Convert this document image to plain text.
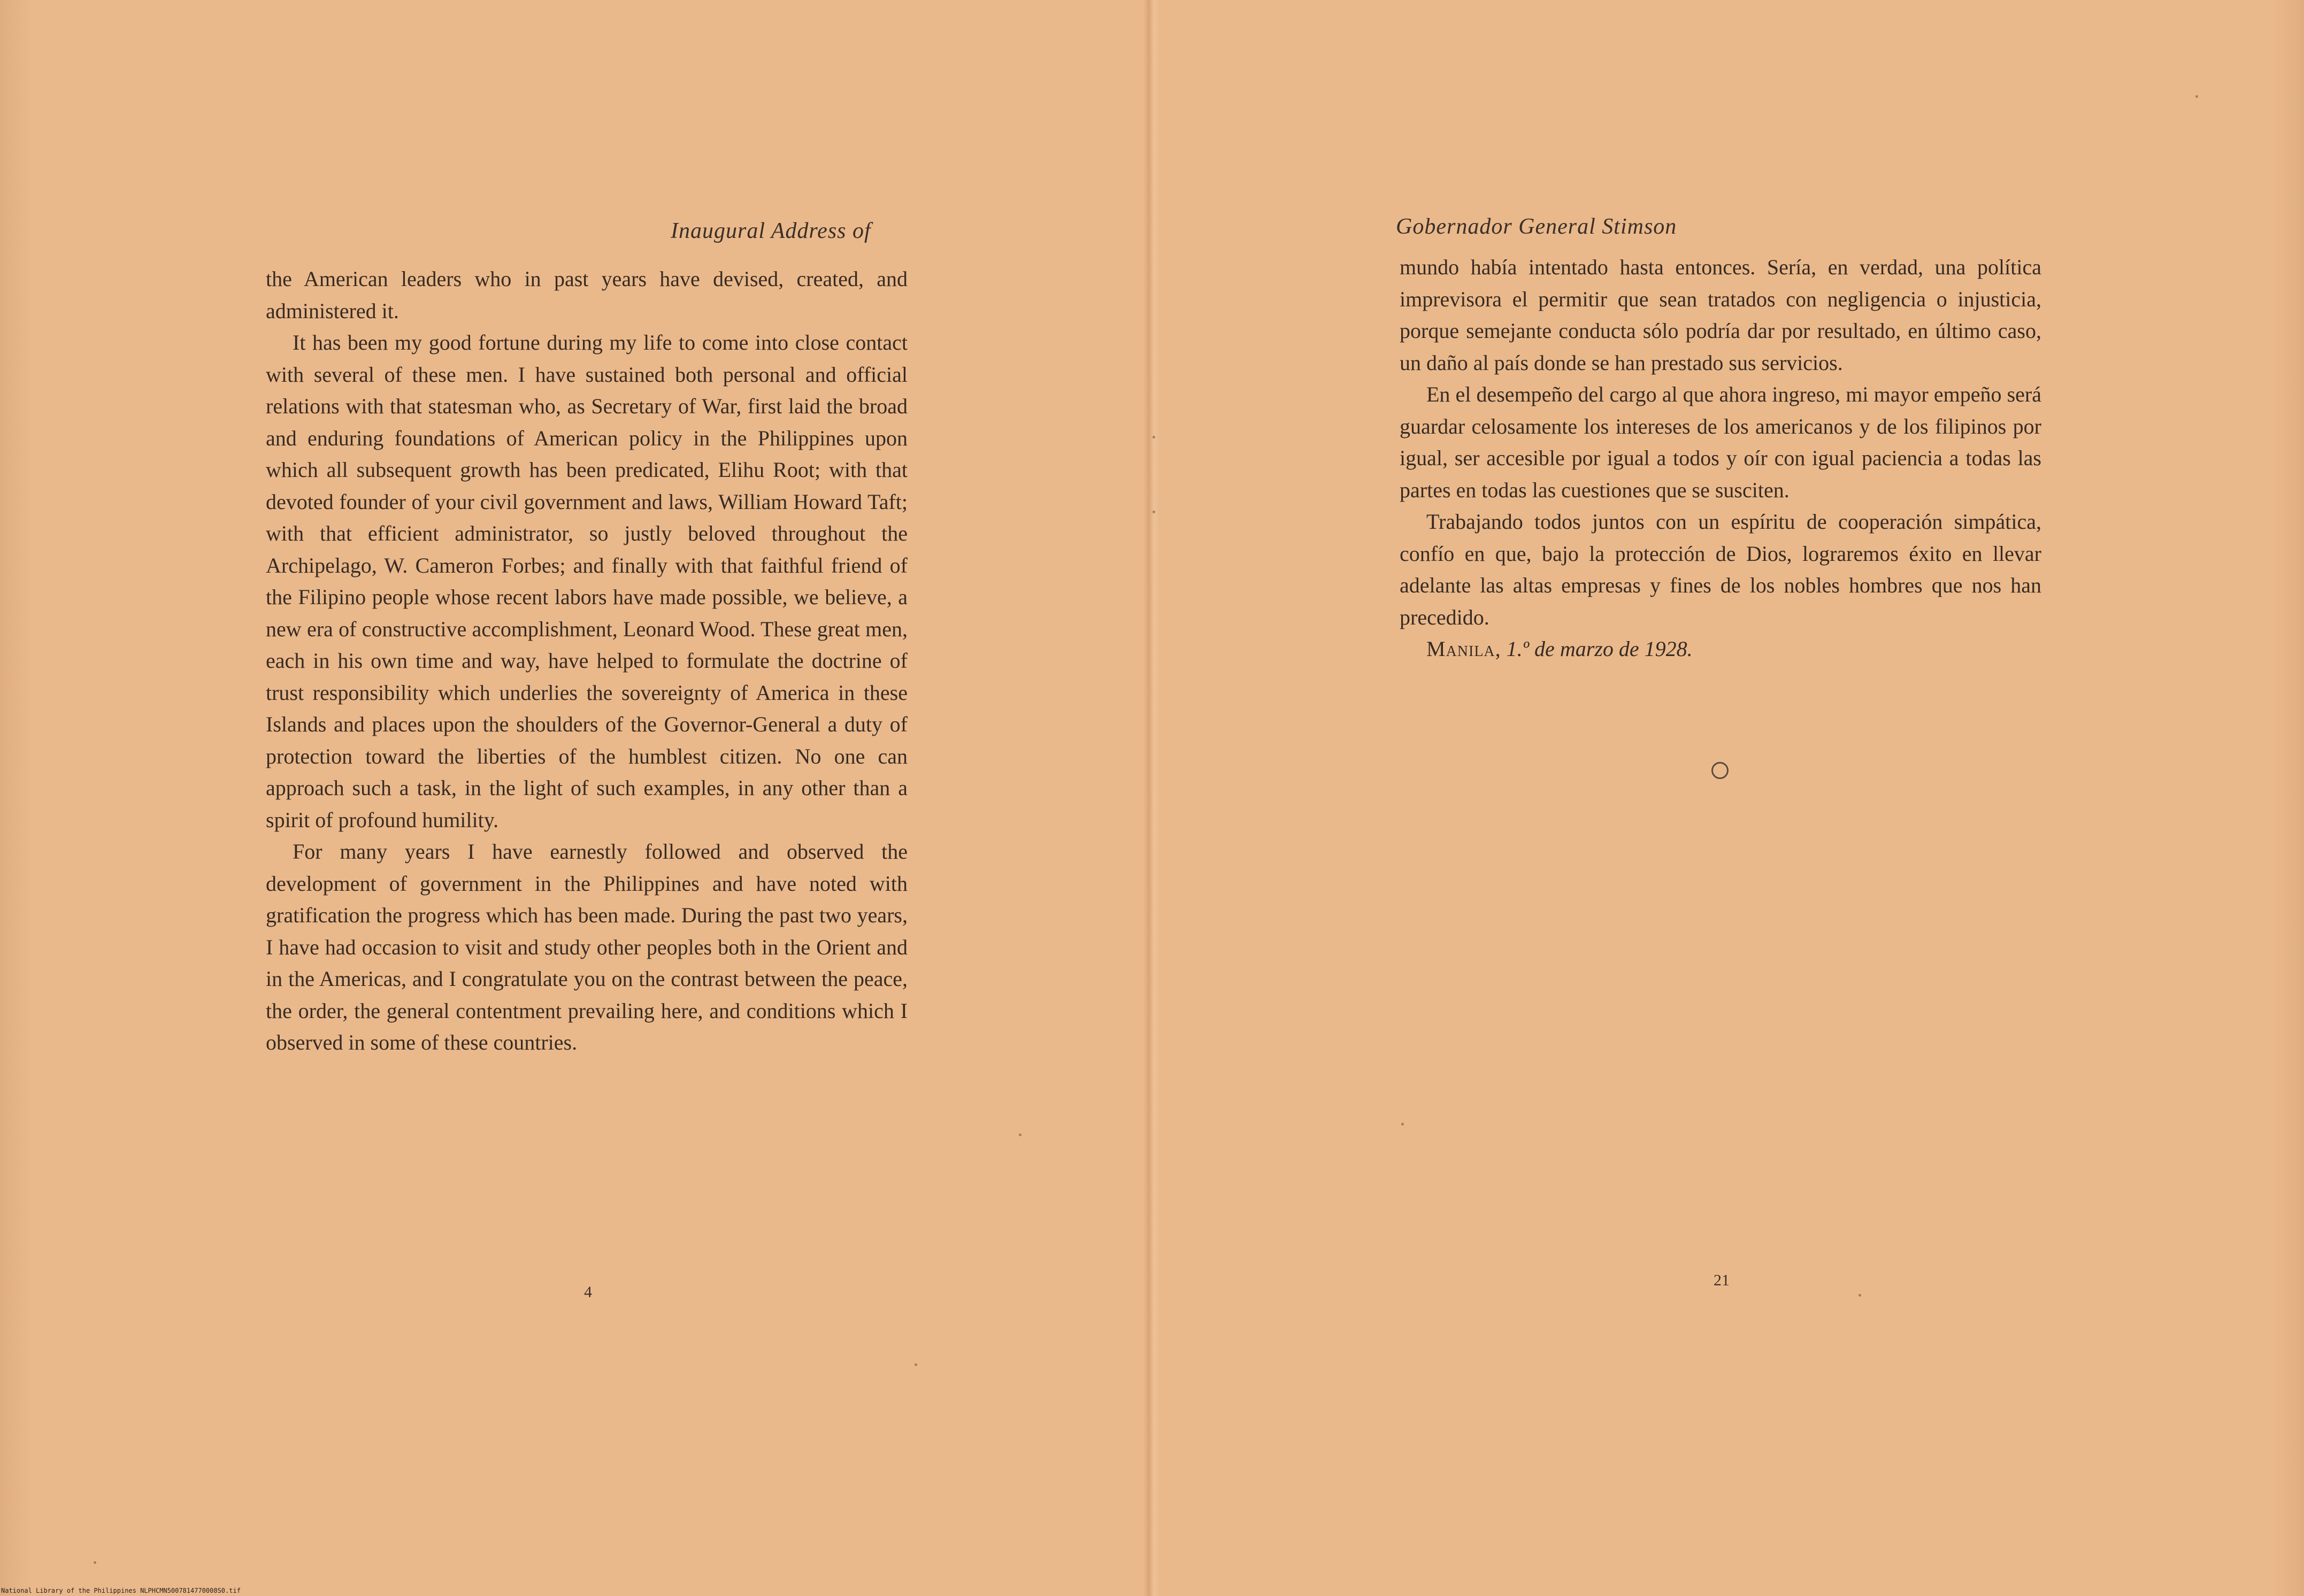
Inaugural Address of

the American leaders who in past years have devised, created, and administered it.

It has been my good fortune during my life to come into close contact with several of these men. I have sustained both personal and official relations with that statesman who, as Secretary of War, first laid the broad and enduring foundations of American policy in the Philippines upon which all subsequent growth has been predicated, Elihu Root; with that devoted founder of your civil government and laws, William Howard Taft; with that efficient administrator, so justly beloved throughout the Archipelago, W. Cameron Forbes; and finally with that faithful friend of the Filipino people whose recent labors have made possible, we believe, a new era of constructive accomplishment, Leonard Wood. These great men, each in his own time and way, have helped to formulate the doctrine of trust responsibility which underlies the sovereignty of America in these Islands and places upon the shoulders of the Governor-General a duty of protection toward the liberties of the humblest citizen. No one can approach such a task, in the light of such examples, in any other than a spirit of profound humility.

For many years I have earnestly followed and observed the development of government in the Philippines and have noted with gratification the progress which has been made. During the past two years, I have had occasion to visit and study other peoples both in the Orient and in the Americas, and I congratulate you on the contrast between the peace, the order, the general contentment prevailing here, and conditions which I observed in some of these countries.

4
Gobernador General Stimson

mundo había intentado hasta entonces. Sería, en verdad, una política imprevisora el permitir que sean tratados con negligencia o injusticia, porque semejante conducta sólo podría dar por resultado, en último caso, un daño al país donde se han prestado sus servicios.

En el desempeño del cargo al que ahora ingreso, mi mayor empeño será guardar celosamente los intereses de los americanos y de los filipinos por igual, ser accesible por igual a todos y oír con igual paciencia a todas las partes en todas las cuestiones que se susciten.

Trabajando todos juntos con un espíritu de cooperación simpática, confío en que, bajo la protección de Dios, lograremos éxito en llevar adelante las altas empresas y fines de los nobles hombres que nos han precedido.

Manila, 1.º de marzo de 1928.

21
National Library of the Philippines NLPHCMN5007814770008S0.tif
